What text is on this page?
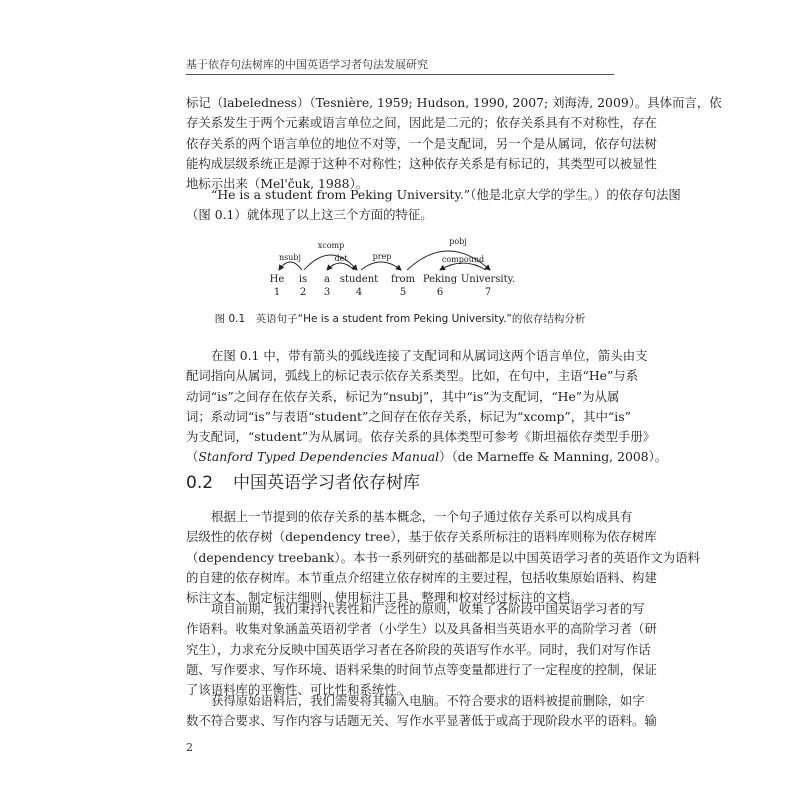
基于依存句法树库的中国英语学习者句法发展研究

标记（labeledness）（Tesnière, 1959; Hudson, 1990, 2007; 刘海涛, 2009）。具体而言，依
存关系发生于两个元素或语言单位之间，因此是二元的；依存关系具有不对称性，存在
依存关系的两个语言单位的地位不对等，一个是支配词，另一个是从属词，依存句法树
能构成层级系统正是源于这种不对称性；这种依存关系是有标记的，其类型可以被显性
地标示出来（Mel'čuk, 1988）。

“He is a student from Peking University.”（他是北京大学的学生。）的依存句法图
（图 0.1）就体现了以上这三个方面的特征。

nsubj
xcomp
det	prep
pobj
compound
He is a student from Peking University.
1 2 3	4	5	6	7
图 0.1　英语句子“He is a student from Peking University.”的依存结构分析

在图 0.1 中，带有箭头的弧线连接了支配词和从属词这两个语言单位，箭头由支
配词指向从属词，弧线上的标记表示依存关系类型。比如，在句中，主语“He”与系
动词“is”之间存在依存关系，标记为“nsubj”，其中“is”为支配词，“He”为从属
词；系动词“is”与表语“student”之间存在依存关系，标记为“xcomp”，其中“is”
为支配词，“student”为从属词。依存关系的具体类型可参考《斯坦福依存类型手册》
（Stanford Typed Dependencies Manual）（de Marneffe & Manning, 2008）。

0.2 中国英语学习者依存树库

根据上一节提到的依存关系的基本概念，一个句子通过依存关系可以构成具有
层级性的依存树（dependency tree），基于依存关系所标注的语料库则称为依存树库
（dependency treebank）。本书一系列研究的基础都是以中国英语学习者的英语作文为语料
的自建的依存树库。本节重点介绍建立依存树库的主要过程，包括收集原始语料、构建
标注文本、制定标注细则、使用标注工具、整理和校对经过标注的文档。

项目前期，我们秉持代表性和广泛性的原则，收集了各阶段中国英语学习者的写
作语料。收集对象涵盖英语初学者（小学生）以及具备相当英语水平的高阶学习者（研
究生），力求充分反映中国英语学习者在各阶段的英语写作水平。同时，我们对写作话
题、写作要求、写作环境、语料采集的时间节点等变量都进行了一定程度的控制，保证
了该语料库的平衡性、可比性和系统性。

获得原始语料后，我们需要将其输入电脑。不符合要求的语料被提前删除，如字
数不符合要求、写作内容与话题无关、写作水平显著低于或高于现阶段水平的语料。输

2
